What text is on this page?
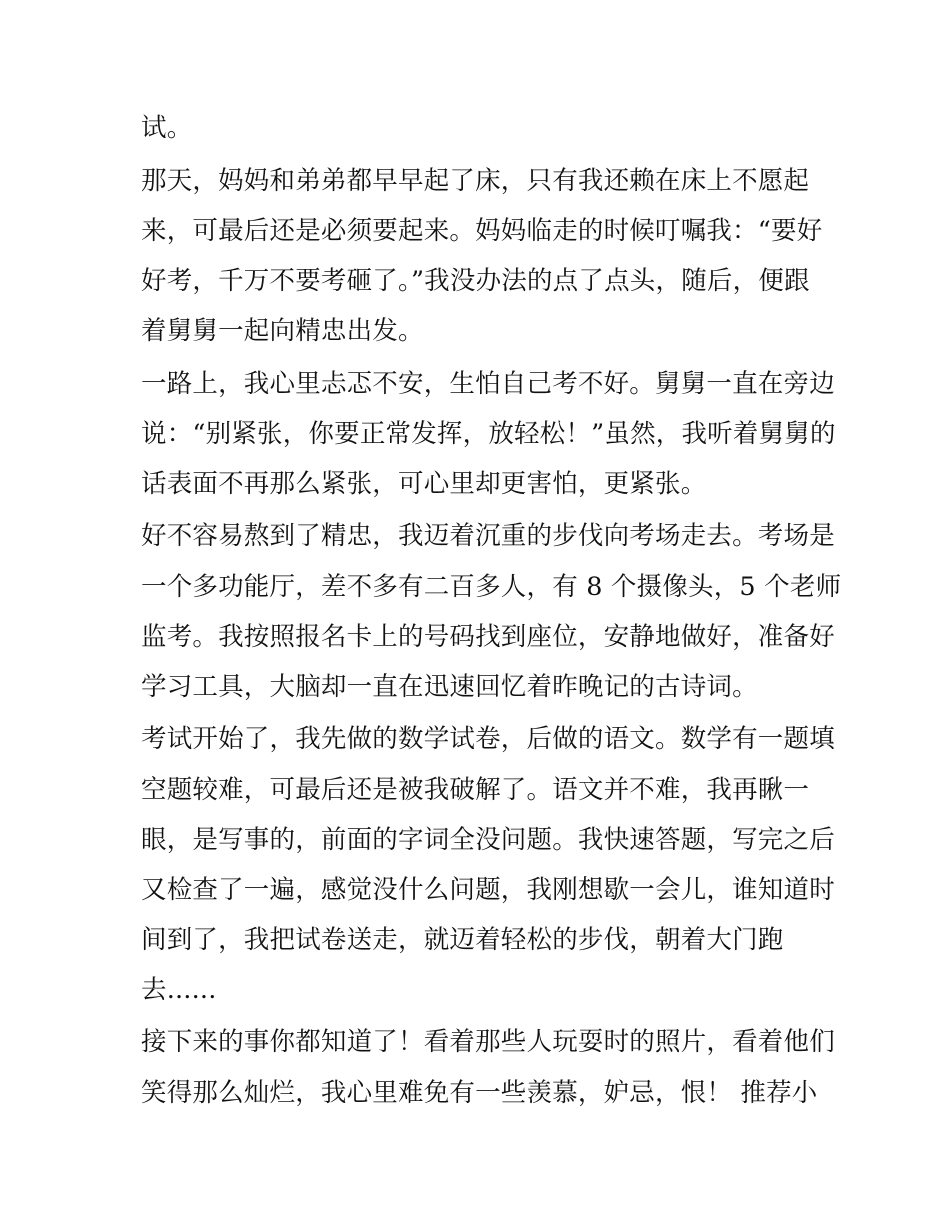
试。
那天，妈妈和弟弟都早早起了床，只有我还赖在床上不愿起
来，可最后还是必须要起来。妈妈临走的时候叮嘱我：“要好
好考，千万不要考砸了。”我没办法的点了点头，随后，便跟
着舅舅一起向精忠出发。
一路上，我心里忐忑不安，生怕自己考不好。舅舅一直在旁边
说：“别紧张，你要正常发挥，放轻松！”虽然，我听着舅舅的
话表面不再那么紧张，可心里却更害怕，更紧张。
好不容易熬到了精忠，我迈着沉重的步伐向考场走去。考场是
一个多功能厅，差不多有二百多人，有 8 个摄像头，5 个老师
监考。我按照报名卡上的号码找到座位，安静地做好，准备好
学习工具，大脑却一直在迅速回忆着昨晚记的古诗词。
考试开始了，我先做的数学试卷，后做的语文。数学有一题填
空题较难，可最后还是被我破解了。语文并不难，我再瞅一
眼，是写事的，前面的字词全没问题。我快速答题，写完之后
又检查了一遍，感觉没什么问题，我刚想歇一会儿，谁知道时
间到了，我把试卷送走，就迈着轻松的步伐，朝着大门跑
去......
接下来的事你都知道了！看着那些人玩耍时的照片，看着他们
笑得那么灿烂，我心里难免有一些羡慕，妒忌，恨！ 推荐小
